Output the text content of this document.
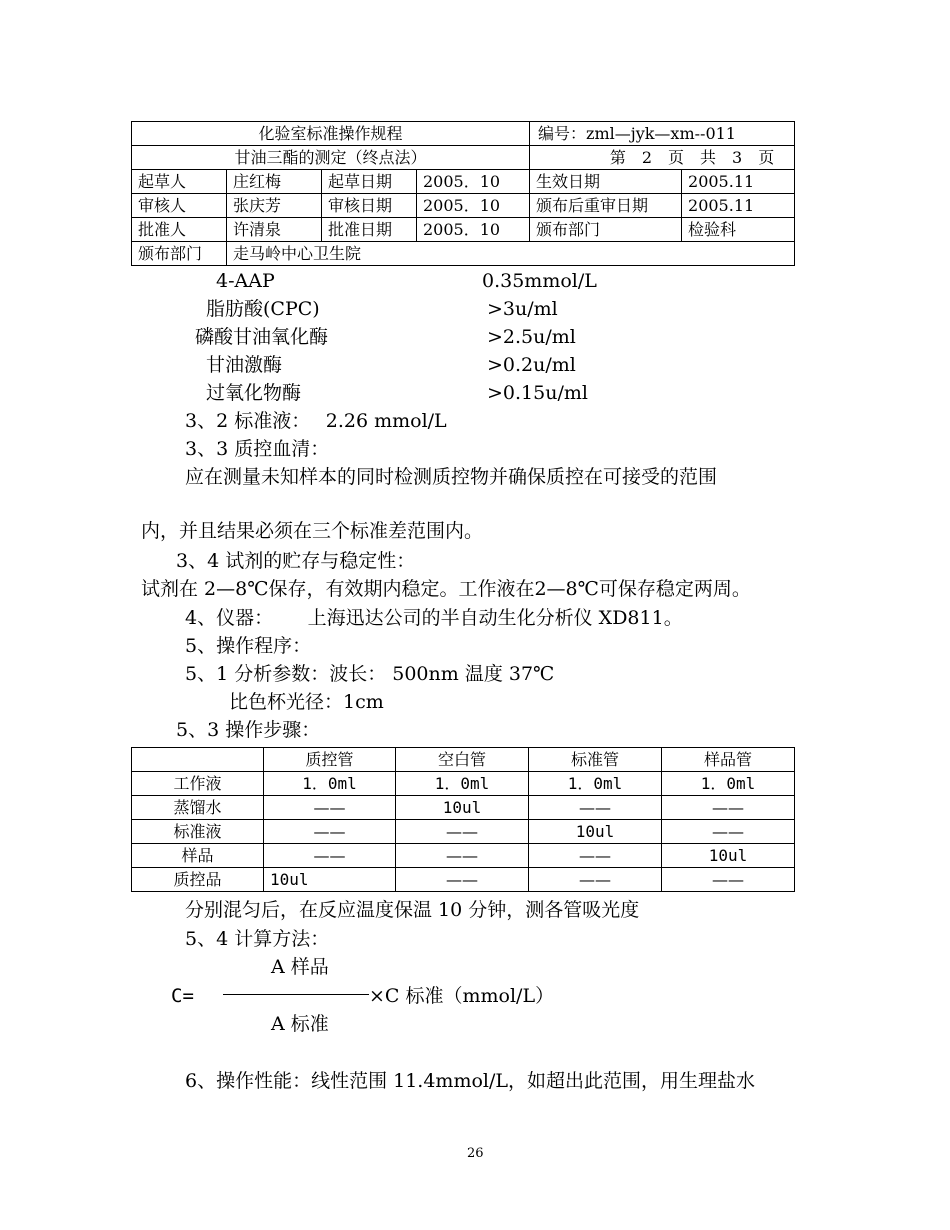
化验室标准操作规程				编号：zml—jyk—xm--011	
甘油三酯的测定（终点法）				第　2　页　共　3　页	
起草人	庄红梅	起草日期	2005．10	生效日期	2005.11
审核人	张庆芳	审核日期	2005．10	颁布后重审日期	2005.11
批准人	许清泉	批准日期	2005．10	颁布部门	检验科
颁布部门	走马岭中心卫生院				
4-AAP	0.35mmol/L
脂肪酸(CPC)	>3u/ml
磷酸甘油氧化酶	>2.5u/ml
甘油激酶	>0.2u/ml
过氧化物酶	>0.15u/ml
3、2 标准液：　 2.26 mmol/L
3、3 质控血清：
应在测量未知样本的同时检测质控物并确保质控在可接受的范围
内，并且结果必须在三个标准差范围内。
3、4 试剂的贮存与稳定性：
试剂在 2—8℃保存，有效期内稳定。工作液在2—8℃可保存稳定两周。
4、仪器：　　 上海迅达公司的半自动生化分析仪 XD811。
5、操作程序：
5、1 分析参数：波长： 500nm 温度 37℃
比色杯光径：1cm
5、3 操作步骤：
	质控管	空白管	标准管	样品管
工作液	1．0ml	1．0ml	1．0ml	1．0ml
蒸馏水	——	10ul	——	——
标准液	——	——	10ul	——
样品	——	——	——	10ul
质控品	10ul	——	——	——
分别混匀后，在反应温度保温 10 分钟，测各管吸光度
5、4 计算方法：
A 样品
C=	×C 标准（mmol/L）
A 标准
6、操作性能：线性范围 11.4mmol/L，如超出此范围，用生理盐水
26
